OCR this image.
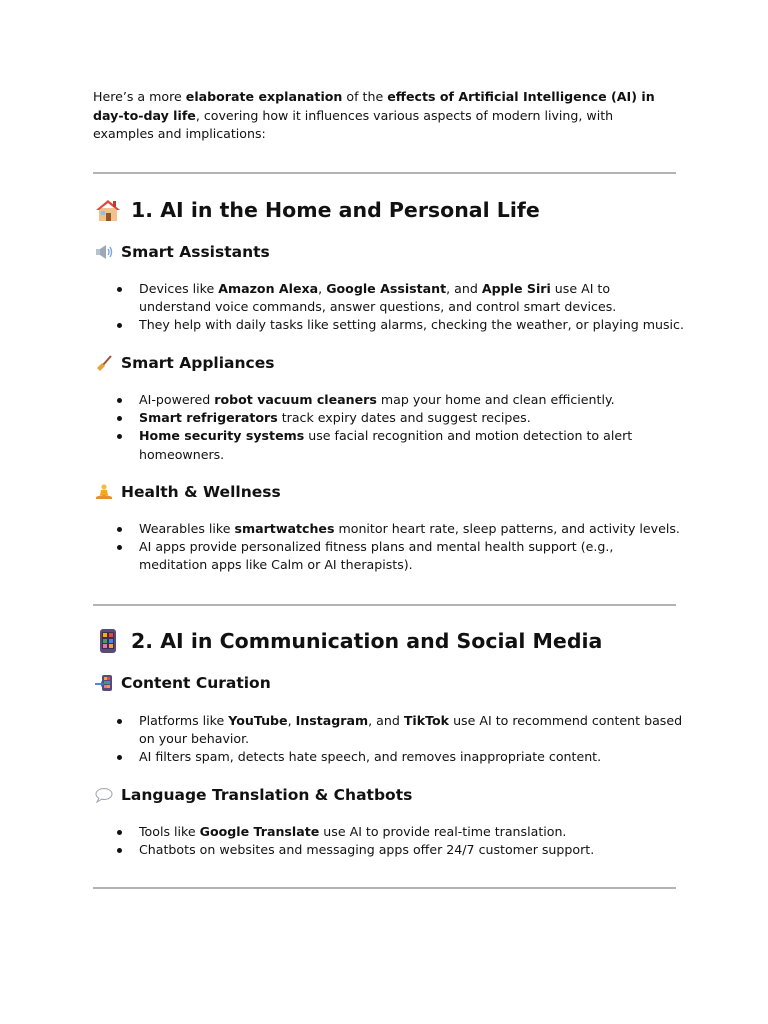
Here’s a more elaborate explanation of the effects of Artificial Intelligence (AI) in day-to-day life, covering how it influences various aspects of modern living, with examples and implications:

1. AI in the Home and Personal Life
Smart Assistants
Devices like Amazon Alexa, Google Assistant, and Apple Siri use AI to understand voice commands, answer questions, and control smart devices.
They help with daily tasks like setting alarms, checking the weather, or playing music.
Smart Appliances
AI-powered robot vacuum cleaners map your home and clean efficiently.
Smart refrigerators track expiry dates and suggest recipes.
Home security systems use facial recognition and motion detection to alert homeowners.
Health & Wellness
Wearables like smartwatches monitor heart rate, sleep patterns, and activity levels.
AI apps provide personalized fitness plans and mental health support (e.g., meditation apps like Calm or AI therapists).
2. AI in Communication and Social Media
Content Curation
Platforms like YouTube, Instagram, and TikTok use AI to recommend content based on your behavior.
AI filters spam, detects hate speech, and removes inappropriate content.
Language Translation & Chatbots
Tools like Google Translate use AI to provide real-time translation.
Chatbots on websites and messaging apps offer 24/7 customer support.
